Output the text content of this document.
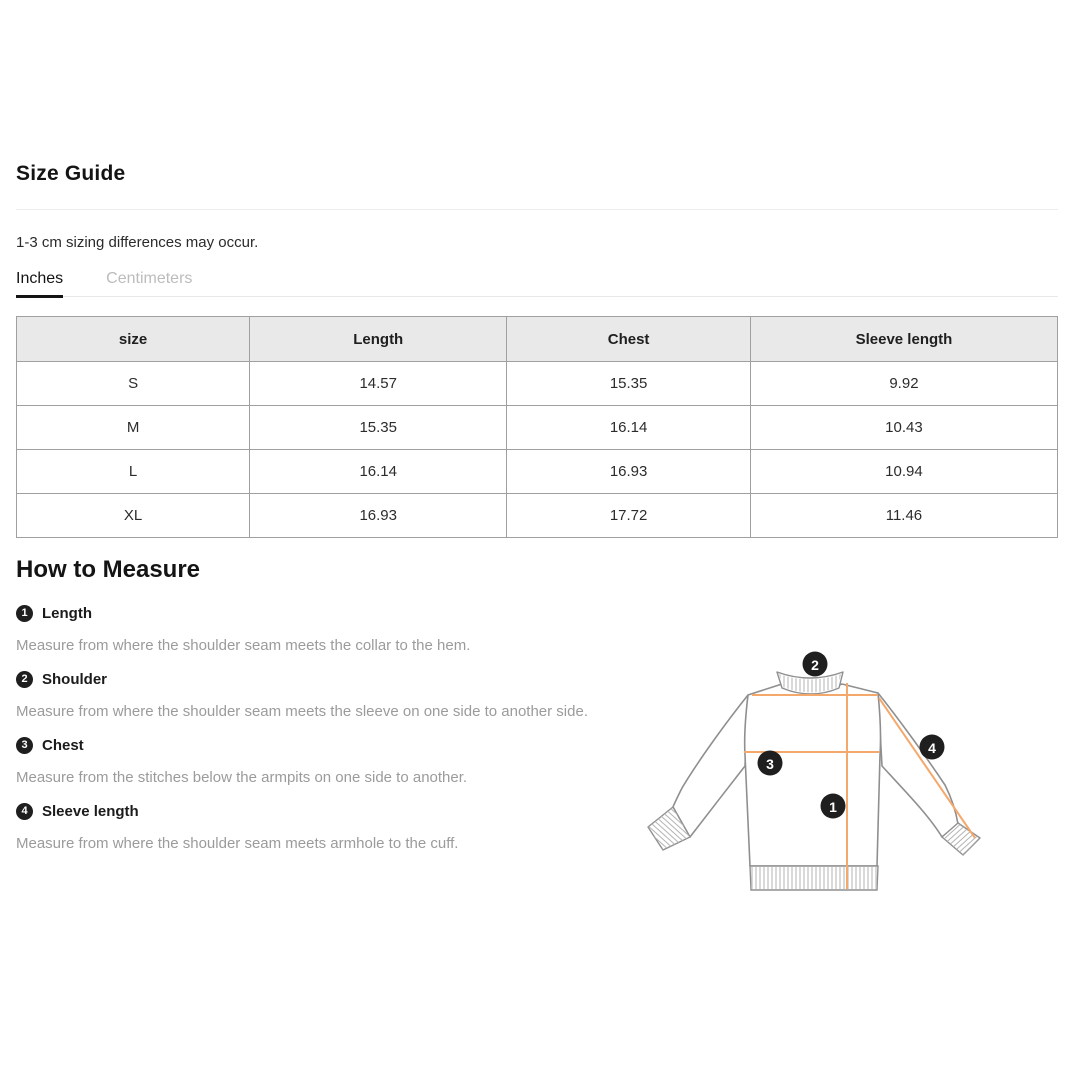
Size Guide
1-3 cm sizing differences may occur.
Inches	Centimeters
size	Length	Chest	Sleeve length
S	14.57	15.35	9.92
M	15.35	16.14	10.43
L	16.14	16.93	10.94
XL	16.93	17.72	11.46
How to Measure
1 Length
Measure from where the shoulder seam meets the collar to the hem.
2 Shoulder
Measure from where the shoulder seam meets the sleeve on one side to another side.
3 Chest
Measure from the stitches below the armpits on one side to another.
4 Sleeve length
Measure from where the shoulder seam meets armhole to the cuff.
2
3
1
4
